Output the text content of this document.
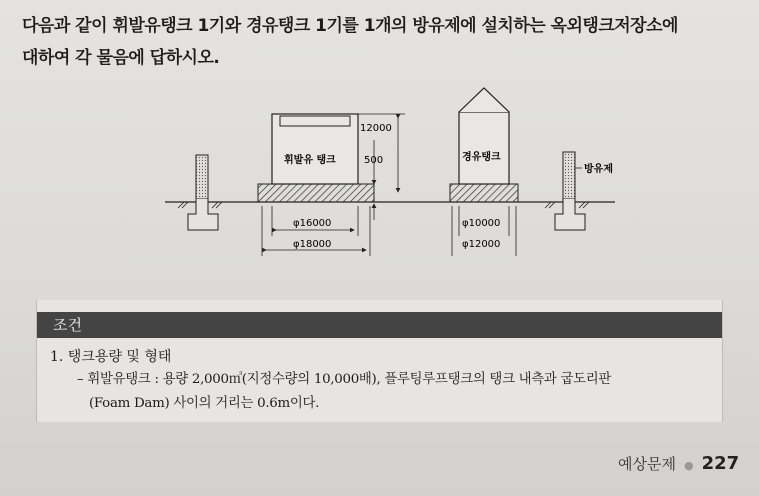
다음과 같이 휘발유탱크 1기와 경유탱크 1기를 1개의 방유제에 설치하는 옥외탱크저장소에
대하여 각 물음에 답하시오.
방유제
휘발유 탱크
12000
500
φ16000
φ18000
경유탱크
φ10000
φ12000
조건
1. 탱크용량 및 형태
– 휘발유탱크 : 용량 2,000㎥(지정수량의 10,000배), 플루팅루프탱크의 탱크 내측과 굽도리판
(Foam Dam) 사이의 거리는 0.6m이다.
예상문제 ● 227
